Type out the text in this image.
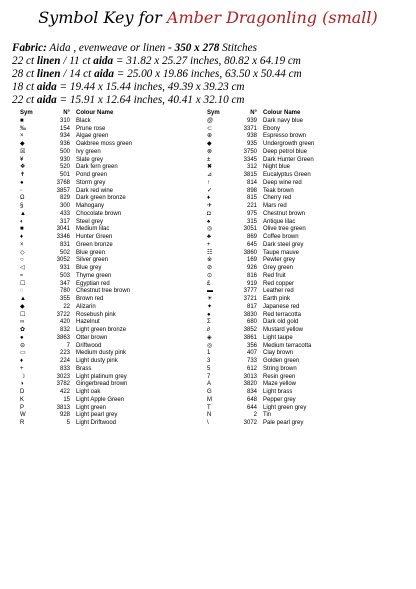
Symbol Key for Amber Dragonling (small)
Fabric: Aida , evenweave or linen - 350 x 278 Stitches
22 ct linen / 11 ct aida = 31.82 x 25.27 inches, 80.82 x 64.19 cm
28 ct linen / 14 ct aida = 25.00 x 19.86 inches, 63.50 x 50.44 cm
18 ct aida = 19.44 x 15.44 inches, 49.39 x 39.23 cm
22 ct aida = 15.91 x 12.64 inches, 40.41 x 32.10 cm
Sym	N°	Colour Name
■	310	Black
‰	154	Prune rose
×	934	Algae green
◆	936	Oakbree moss green
☒	500	Ivy green
¥	930	Slate grey
❖	520	Dark fern green
✝	501	Pond green
●	3768	Storm grey
◦	3857	Dark red wine
Ω	829	Dark green bronze
§	300	Mahogany
▲	433	Chocolate brown
◐	317	Steel grey
■	3041	Medium lilac
♦	3346	Hunter Green
×	831	Green bronze
◇	502	Blue green
○	3052	Silver green
◁	931	Blue grey
≈	503	Thyme green
☐	347	Egyptian red
◌	780	Chestnut tree brown
▲	355	Brown red
◆	22	Alizarin
☐	3722	Rosebush pink
∞	420	Hazelnut
✿	832	Light green bronze
●	3863	Otter brown
⊖	7	Driftwood
▭	223	Medium dusty pink
♦	224	Light dusty pink
+	833	Brass
☽	3023	Light platinum grey
◑	3782	Gingerbread brown
D	422	Light oak
K	15	Light Apple Green
P	3813	Light green
W	928	Light pearl grey
R	5	Light Driftwood
Sym	N°	Colour Name
@	939	Dark navy blue
⊂	3371	Ebony
⊕	938	Espresso brown
◆	935	Undergrowth green
⊗	3750	Deep petrol blue
±	3345	Dark Hunter Green
✖	312	Night blue
⊿	3815	Eucalyptus Green
↑	814	Deep wine red
✓	898	Teak brown
♦	815	Cherry red
✈	221	Mars red
◘	975	Chestnut brown
♠	315	Antique lilac
◎	3051	Olive tree green
♣	869	Coffee brown
+	645	Dark steel grey
☷	3860	Taupe mauve
※	169	Pewter grey
⊘	926	Grey green
⊙	816	Red fruit
£	919	Red copper
▬	3777	Leather red
☀	3721	Earth pink
✦	817	Japanese red
●	3830	Red terracotta
Σ	680	Dark old gold
∂	3852	Mustard yellow
◈	3861	Light taupe
◎	356	Medium terracotta
1	407	Clay brown
3	733	Golden green
5	612	String brown
7	3013	Resin green
A	3820	Maze yellow
G	834	Light brass
M	648	Pepper grey
T	644	Light green grey
N	2	Tin
\	3072	Pale pearl grey
